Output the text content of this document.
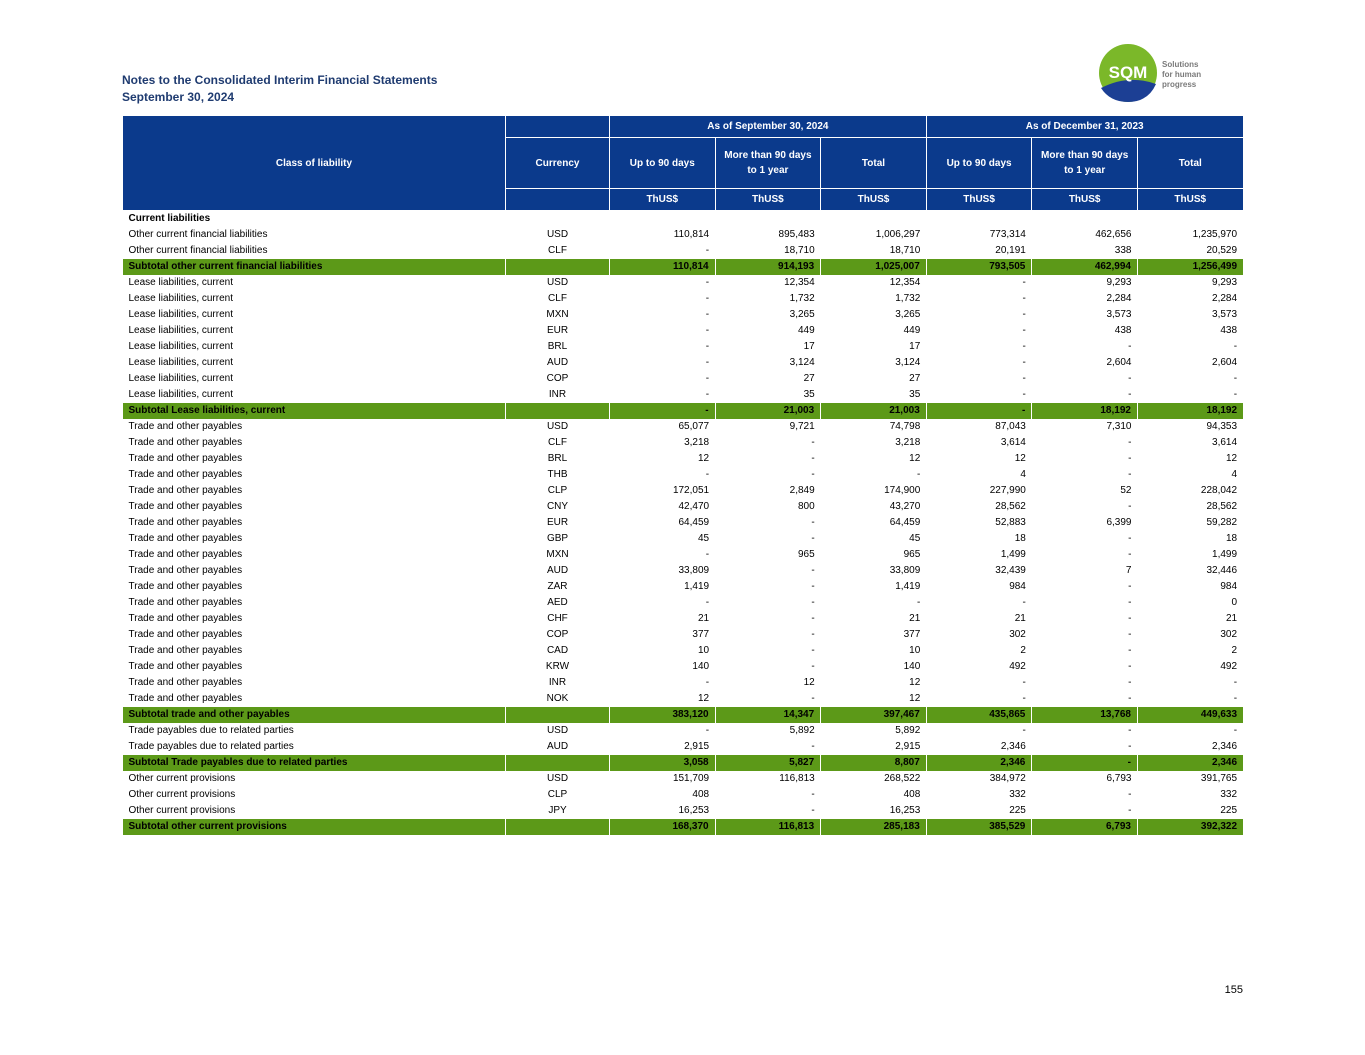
Notes to the Consolidated Interim Financial Statements
September 30, 2024
SQM Solutions
for human
progress
Class of liability		As of September 30, 2024			As of December 31, 2023		
	Currency	Up to 90 days	More than 90 days to 1 year	Total	Up to 90 days	More than 90 days to 1 year	Total
		ThUS$	ThUS$	ThUS$	ThUS$	ThUS$	ThUS$
Current liabilities							
Other current financial liabilities	USD	110,814	895,483	1,006,297	773,314	462,656	1,235,970
Other current financial liabilities	CLF	-	18,710	18,710	20,191	338	20,529
Subtotal other current financial liabilities		110,814	914,193	1,025,007	793,505	462,994	1,256,499
Lease liabilities, current	USD	-	12,354	12,354	-	9,293	9,293
Lease liabilities, current	CLF	-	1,732	1,732	-	2,284	2,284
Lease liabilities, current	MXN	-	3,265	3,265	-	3,573	3,573
Lease liabilities, current	EUR	-	449	449	-	438	438
Lease liabilities, current	BRL	-	17	17	-	-	-
Lease liabilities, current	AUD	-	3,124	3,124	-	2,604	2,604
Lease liabilities, current	COP	-	27	27	-	-	-
Lease liabilities, current	INR	-	35	35	-	-	-
Subtotal Lease liabilities, current		-	21,003	21,003	-	18,192	18,192
Trade and other payables	USD	65,077	9,721	74,798	87,043	7,310	94,353
Trade and other payables	CLF	3,218	-	3,218	3,614	-	3,614
Trade and other payables	BRL	12	-	12	12	-	12
Trade and other payables	THB	-	-	-	4	-	4
Trade and other payables	CLP	172,051	2,849	174,900	227,990	52	228,042
Trade and other payables	CNY	42,470	800	43,270	28,562	-	28,562
Trade and other payables	EUR	64,459	-	64,459	52,883	6,399	59,282
Trade and other payables	GBP	45	-	45	18	-	18
Trade and other payables	MXN	-	965	965	1,499	-	1,499
Trade and other payables	AUD	33,809	-	33,809	32,439	7	32,446
Trade and other payables	ZAR	1,419	-	1,419	984	-	984
Trade and other payables	AED	-	-	-	-	-	0
Trade and other payables	CHF	21	-	21	21	-	21
Trade and other payables	COP	377	-	377	302	-	302
Trade and other payables	CAD	10	-	10	2	-	2
Trade and other payables	KRW	140	-	140	492	-	492
Trade and other payables	INR	-	12	12	-	-	-
Trade and other payables	NOK	12	-	12	-	-	-
Subtotal trade and other payables		383,120	14,347	397,467	435,865	13,768	449,633
Trade payables due to related parties	USD	-	5,892	5,892	-	-	-
Trade payables due to related parties	AUD	2,915	-	2,915	2,346	-	2,346
Subtotal Trade payables due to related parties		3,058	5,827	8,807	2,346	-	2,346
Other current provisions	USD	151,709	116,813	268,522	384,972	6,793	391,765
Other current provisions	CLP	408	-	408	332	-	332
Other current provisions	JPY	16,253	-	16,253	225	-	225
Subtotal other current provisions		168,370	116,813	285,183	385,529	6,793	392,322
155
